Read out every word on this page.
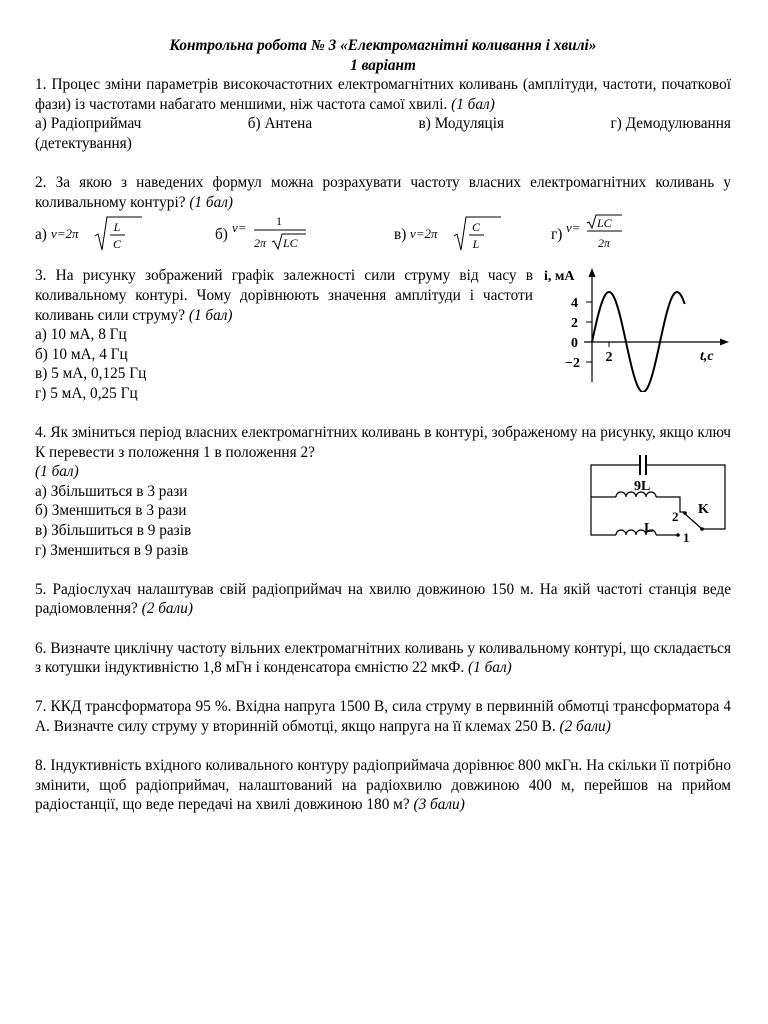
Контрольна робота № 3 «Електромагнітні коливання і хвилі»
1 варіант

1. Процес зміни параметрів високочастотних електромагнітних коливань (амплітуди, частоти, початкової фази) із частотами набагато меншими, ніж частота самої хвилі. (1 бал)

а) Радіоприймач	б) Антена	в) Модуляція	г) Демодулювання
(детектування)

2. За якою з наведених формул можна розрахувати частоту власних електромагнітних коливань у коливальному контурі? (1 бал)

а) ν=2π	L
C
б) ν= 1
2π LC
в) ν=2π	C
L
г) ν= LC
2π

3. На рисунку зображений графік залежності сили струму від часу в коливальному контурі. Чому дорівнюють значення амплітуди і частоти коливань сили струму? (1 бал)

а) 10 мА, 8 Гц
б) 10 мА, 4 Гц
в) 5 мА, 0,125 Гц
г) 5 мА, 0,25 Гц
i, мА
t,c
4
2
0
−2 2

4. Як зміниться період власних електромагнітних коливань в контурі, зображеному на рисунку, якщо ключ К перевести з положення 1 в положення 2?
(1 бал)

а) Збільшиться в 3 рази
б) Зменшиться в 3 рази
в) Збільшиться в 9 разів
г) Зменшиться в 9 разів
9L
L
K
2
1

5. Радіослухач налаштував свій радіоприймач на хвилю довжиною 150 м. На якій частоті станція веде радіомовлення? (2 бали)

6. Визначте циклічну частоту вільних електромагнітних коливань у коливальному контурі, що складається з котушки індуктивністю 1,8 мГн і конденсатора ємністю 22 мкФ. (1 бал)

7. ККД трансформатора 95 %. Вхідна напруга 1500 В, сила струму в первинній обмотці трансформатора 4 А. Визначте силу струму у вторинній обмотці, якщо напруга на її клемах 250 В. (2 бали)

8. Індуктивність вхідного коливального контуру радіоприймача дорівнює 800 мкГн. На скільки її потрібно змінити, щоб радіоприймач, налаштований на радіохвилю довжиною 400 м, перейшов на прийом радіостанції, що веде передачі на хвилі довжиною 180 м? (3 бали)
